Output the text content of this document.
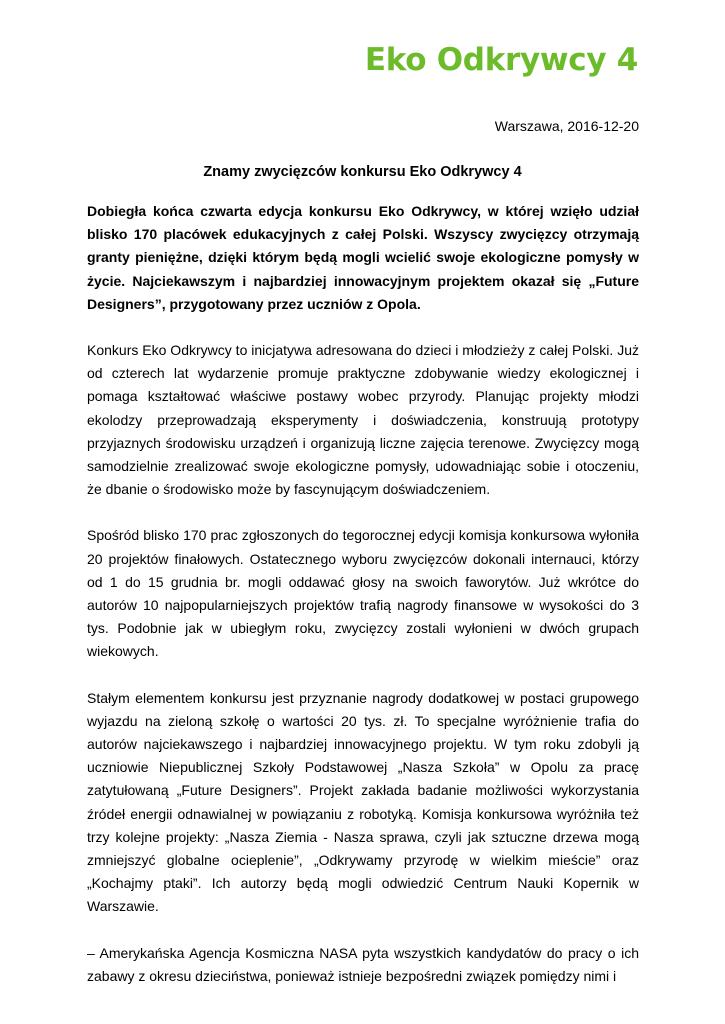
Eko Odkrywcy 4
Warszawa, 2016-12-20
Znamy zwycięzców konkursu Eko Odkrywcy 4

Dobiegła końca czwarta edycja konkursu Eko Odkrywcy, w której wzięło udział blisko 170 placówek edukacyjnych z całej Polski. Wszyscy zwycięzcy otrzymają granty pieniężne, dzięki którym będą mogli wcielić swoje ekologiczne pomysły w życie. Najciekawszym i najbardziej innowacyjnym projektem okazał się „Future Designers”, przygotowany przez uczniów z Opola.

Konkurs Eko Odkrywcy to inicjatywa adresowana do dzieci i młodzieży z całej Polski. Już od czterech lat wydarzenie promuje praktyczne zdobywanie wiedzy ekologicznej i pomaga kształtować właściwe postawy wobec przyrody. Planując projekty młodzi ekolodzy przeprowadzają eksperymenty i doświadczenia, konstruują prototypy przyjaznych środowisku urządzeń i organizują liczne zajęcia terenowe. Zwycięzcy mogą samodzielnie zrealizować swoje ekologiczne pomysły, udowadniając sobie i otoczeniu, że dbanie o środowisko może by fascynującym doświadczeniem.

Spośród blisko 170 prac zgłoszonych do tegorocznej edycji komisja konkursowa wyłoniła 20 projektów finałowych. Ostatecznego wyboru zwycięzców dokonali internauci, którzy od 1 do 15 grudnia br. mogli oddawać głosy na swoich faworytów. Już wkrótce do autorów 10 najpopularniejszych projektów trafią nagrody finansowe w wysokości do 3 tys. Podobnie jak w ubiegłym roku, zwycięzcy zostali wyłonieni w dwóch grupach wiekowych.

Stałym elementem konkursu jest przyznanie nagrody dodatkowej w postaci grupowego wyjazdu na zieloną szkołę o wartości 20 tys. zł. To specjalne wyróżnienie trafia do autorów najciekawszego i najbardziej innowacyjnego projektu. W tym roku zdobyli ją uczniowie Niepublicznej Szkoły Podstawowej „Nasza Szkoła” w Opolu za pracę zatytułowaną „Future Designers”. Projekt zakłada badanie możliwości wykorzystania źródeł energii odnawialnej w powiązaniu z robotyką. Komisja konkursowa wyróżniła też trzy kolejne projekty: „Nasza Ziemia - Nasza sprawa, czyli jak sztuczne drzewa mogą zmniejszyć globalne ocieplenie”, „Odkrywamy przyrodę w wielkim mieście” oraz „Kochajmy ptaki”. Ich autorzy będą mogli odwiedzić Centrum Nauki Kopernik w Warszawie.

– Amerykańska Agencja Kosmiczna NASA pyta wszystkich kandydatów do pracy o ich zabawy z okresu dzieciństwa, ponieważ istnieje bezpośredni związek pomiędzy nimi i
